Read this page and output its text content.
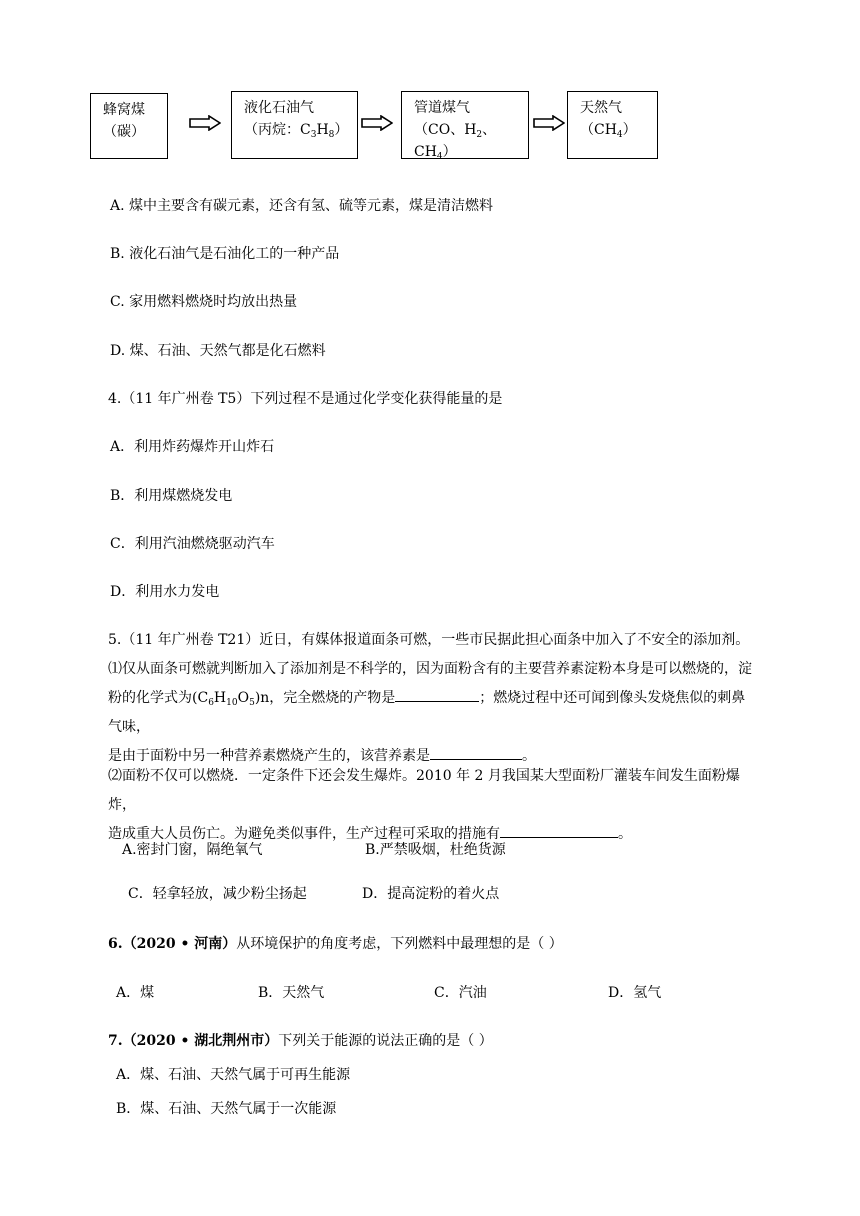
蜂窝煤
（碳）
液化石油气
（丙烷：$C_3H_8$）
管道煤气
（CO、$H_2$、$CH_4$）
天然气
$(CH_4)$
A. 煤中主要含有碳元素，还含有氢、硫等元素，煤是清洁燃料
B. 液化石油气是石油化工的一种产品
C. 家用燃料燃烧时均放出热量
D. 煤、石油、天然气都是化石燃料
4.（11 年广州卷 T5）下列过程不是通过化学变化获得能量的是
A．利用炸药爆炸开山炸石
B．利用煤燃烧发电
C．利用汽油燃烧驱动汽车
D．利用水力发电
5.（11 年广州卷 T21）近日，有媒体报道面条可燃，一些市民据此担心面条中加入了不安全的添加剂。
⑴仅从面条可燃就判断加入了添加剂是不科学的，因为面粉含有的主要营养素淀粉本身是可以燃烧的，淀
粉的化学式为$(C_6H_{10}O_5)n$，完全燃烧的产物是	；燃烧过程中还可闻到像头发烧焦似的刺鼻气味，
是由于面粉中另一种营养素燃烧产生的，该营养素是	。
⑵面粉不仅可以燃烧．一定条件下还会发生爆炸。2010 年 2 月我国某大型面粉厂灌装车间发生面粉爆炸，
造成重大人员伤亡。为避免类似事件，生产过程可采取的措施有	。
A.密封门窗，隔绝氧气	B.严禁吸烟，杜绝货源
C．轻拿轻放，减少粉尘扬起	D．提高淀粉的着火点
6.（2020 • 河南）从环境保护的角度考虑，下列燃料中最理想的是（ ）
A．煤	B．天然气	C．汽油	D．氢气
7.（2020 • 湖北荆州市）下列关于能源的说法正确的是（ ）
A．煤、石油、天然气属于可再生能源
B．煤、石油、天然气属于一次能源
